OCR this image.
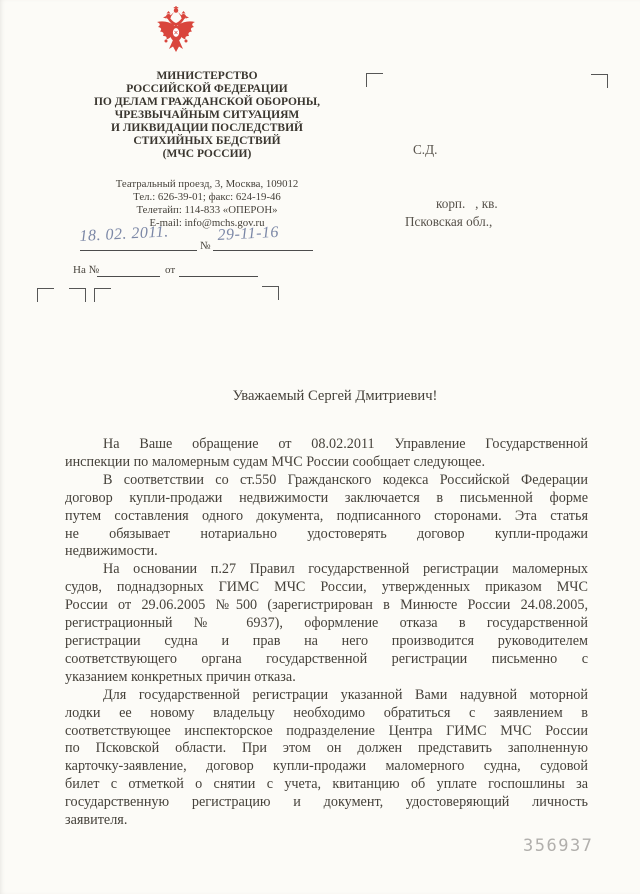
МИНИСТЕРСТВО
РОССИЙСКОЙ ФЕДЕРАЦИИ
ПО ДЕЛАМ ГРАЖДАНСКОЙ ОБОРОНЫ,
ЧРЕЗВЫЧАЙНЫМ СИТУАЦИЯМ
И ЛИКВИДАЦИИ ПОСЛЕДСТВИЙ
СТИХИЙНЫХ БЕДСТВИЙ
(МЧС РОССИИ)
Театральный проезд, 3, Москва, 109012
Тел.: 626-39-01; факс: 624-19-46
Телетайп: 114-833 «ОПЕРОН»
E-mail: info@mchs.gov.ru
18. 02. 2011.
№
29-11-16
На №	от
С.Д.
корп.   , кв.
Псковская обл.,
Уважаемый Сергей Дмитриевич!
На Ваше обращение от 08.02.2011 Управление Государственной
инспекции по маломерным судам МЧС России сообщает следующее.
В соответствии со ст.550 Гражданского кодекса Российской Федерации
договор купли-продажи недвижимости заключается в письменной форме
путем составления одного документа, подписанного сторонами. Эта статья
не обязывает нотариально удостоверять договор купли-продажи
недвижимости.
На основании п.27 Правил государственной регистрации маломерных
судов, поднадзорных ГИМС МЧС России, утвержденных приказом МЧС
России от 29.06.2005 №500 (зарегистрирован в Минюсте России 24.08.2005,
регистрационный № 6937), оформление отказа в государственной
регистрации судна и прав на него производится руководителем
соответствующего органа государственной регистрации письменно с
указанием конкретных причин отказа.
Для государственной регистрации указанной Вами надувной моторной
лодки ее новому владельцу необходимо обратиться с заявлением в
соответствующее инспекторское подразделение Центра ГИМС МЧС России
по Псковской области. При этом он должен представить заполненную
карточку-заявление, договор купли-продажи маломерного судна, судовой
билет с отметкой о снятии с учета, квитанцию об уплате госпошлины за
государственную регистрацию и документ, удостоверяющий личность
заявителя.
356937
